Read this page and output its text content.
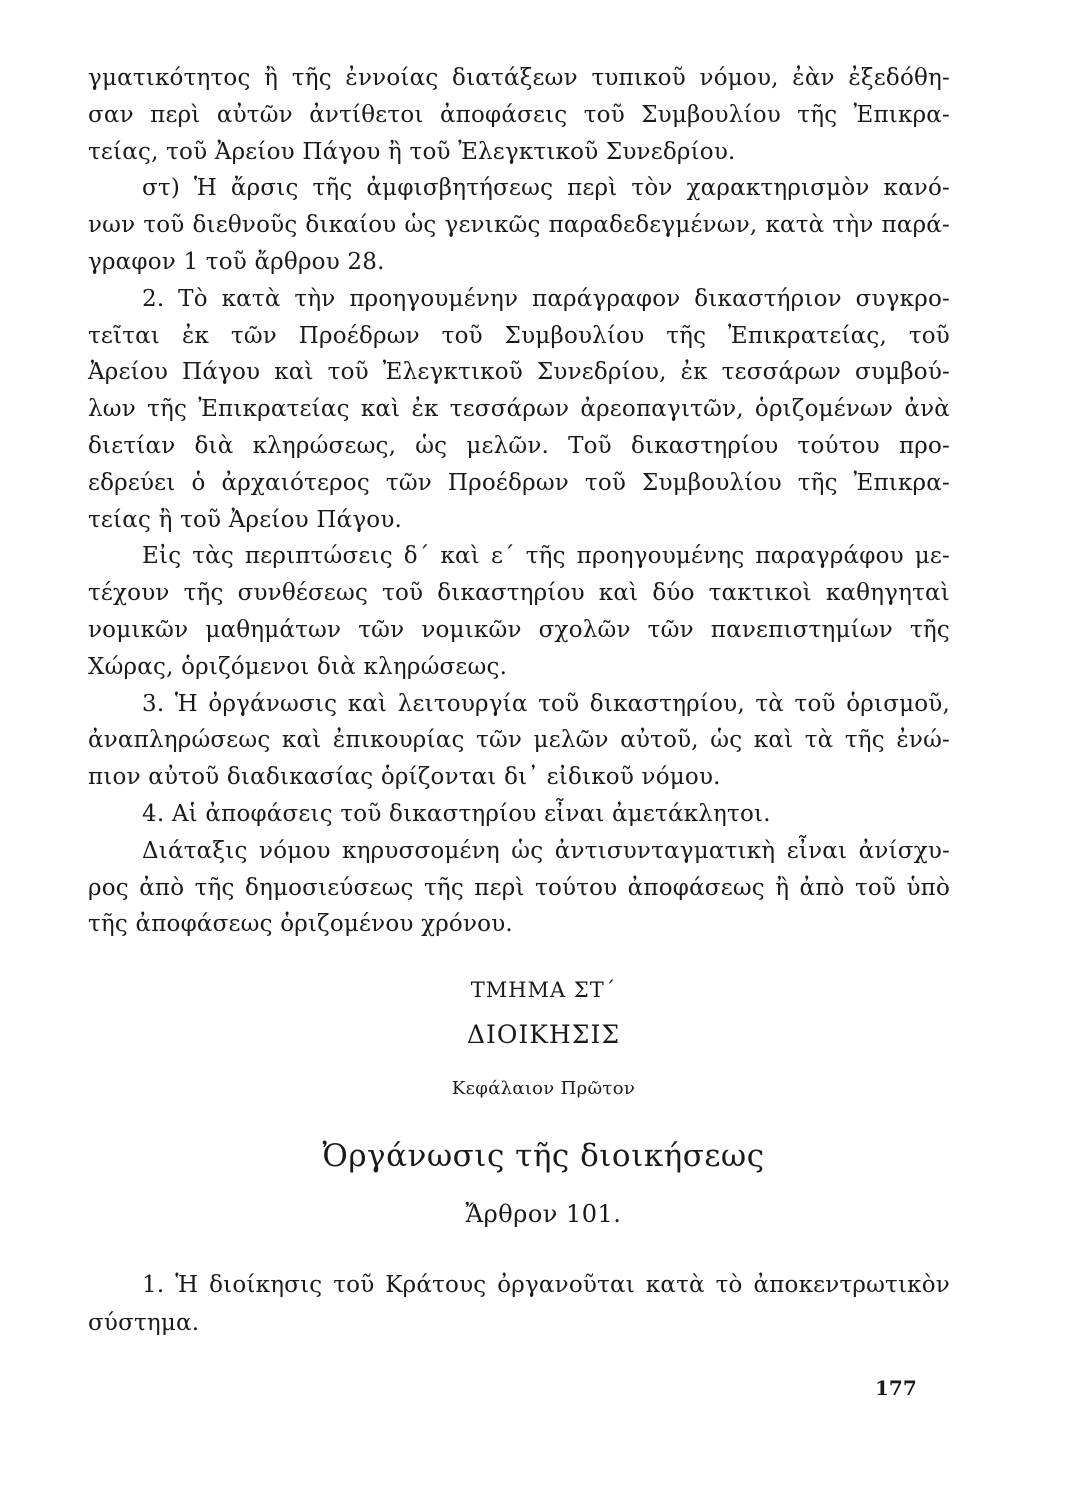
γματικότητος ἢ τῆς ἐννοίας διατάξεων τυπικοῦ νόμου, ἐὰν ἐξεδόθη-
σαν περὶ αὐτῶν ἀντίθετοι ἀποφάσεις τοῦ Συμβουλίου τῆς Ἐπικρα-
τείας, τοῦ Ἀρείου Πάγου ἢ τοῦ Ἐλεγκτικοῦ Συνεδρίου.
στ) Ἡ ἄρσις τῆς ἀμφισβητήσεως περὶ τὸν χαρακτηρισμὸν κανό-
νων τοῦ διεθνοῦς δικαίου ὡς γενικῶς παραδεδεγμένων, κατὰ τὴν παρά-
γραφον 1 τοῦ ἄρθρου 28.
2. Τὸ κατὰ τὴν προηγουμένην παράγραφον δικαστήριον συγκρο-
τεῖται ἐκ τῶν Προέδρων τοῦ Συμβουλίου τῆς Ἐπικρατείας, τοῦ
Ἀρείου Πάγου καὶ τοῦ Ἐλεγκτικοῦ Συνεδρίου, ἐκ τεσσάρων συμβού-
λων τῆς Ἐπικρατείας καὶ ἐκ τεσσάρων ἀρεοπαγιτῶν, ὁριζομένων ἀνὰ
διετίαν διὰ κληρώσεως, ὡς μελῶν. Τοῦ δικαστηρίου τούτου προ-
εδρεύει ὁ ἀρχαιότερος τῶν Προέδρων τοῦ Συμβουλίου τῆς Ἐπικρα-
τείας ἢ τοῦ Ἀρείου Πάγου.
Εἰς τὰς περιπτώσεις δ΄ καὶ ε΄ τῆς προηγουμένης παραγράφου με-
τέχουν τῆς συνθέσεως τοῦ δικαστηρίου καὶ δύο τακτικοὶ καθηγηταὶ
νομικῶν μαθημάτων τῶν νομικῶν σχολῶν τῶν πανεπιστημίων τῆς
Χώρας, ὁριζόμενοι διὰ κληρώσεως.
3. Ἡ ὀργάνωσις καὶ λειτουργία τοῦ δικαστηρίου, τὰ τοῦ ὁρισμοῦ,
ἀναπληρώσεως καὶ ἐπικουρίας τῶν μελῶν αὐτοῦ, ὡς καὶ τὰ τῆς ἐνώ-
πιον αὐτοῦ διαδικασίας ὁρίζονται δι᾽ εἰδικοῦ νόμου.
4. Αἱ ἀποφάσεις τοῦ δικαστηρίου εἶναι ἀμετάκλητοι.
Διάταξις νόμου κηρυσσομένη ὡς ἀντισυνταγματικὴ εἶναι ἀνίσχυ-
ρος ἀπὸ τῆς δημοσιεύσεως τῆς περὶ τούτου ἀποφάσεως ἢ ἀπὸ τοῦ ὑπὸ
τῆς ἀποφάσεως ὁριζομένου χρόνου.
ΤΜΗΜΑ ΣΤ΄
ΔΙΟΙΚΗΣΙΣ
Κεφάλαιον Πρῶτον
Ὀργάνωσις τῆς διοικήσεως
Ἄρθρον 101.
1. Ἡ διοίκησις τοῦ Κράτους ὀργανοῦται κατὰ τὸ ἀποκεντρωτικὸν
σύστημα.
177
